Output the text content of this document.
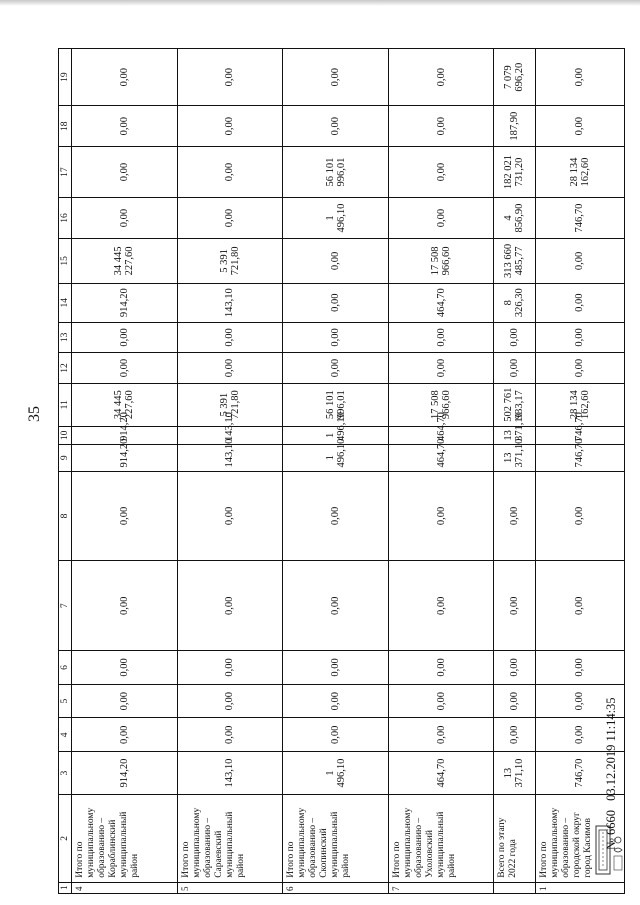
35
1	2	3	4	5	6	7	8	9	10	11	12	13	14	15	16	17	18	19
4	Итого по муниципальному образованию – Кораблинский муниципальный район	914,20	0,00	0,00	0,00	0,00	0,00	914,20	914,20	34 445 227,60	0,00	0,00	914,20	34 445 227,60	0,00	0,00	0,00	0,00
5	Итого по муниципальному образованию – Сараевский муниципальный район	143,10	0,00	0,00	0,00	0,00	0,00	143,10	143,10	5 391 721,80	0,00	0,00	143,10	5 391 721,80	0,00	0,00	0,00	0,00
6	Итого по муниципальному образованию – Скопинский муниципальный район	1 496,10	0,00	0,00	0,00	0,00	0,00	1 496,10	1 496,10	56 101 996,01	0,00	0,00	0,00	0,00	1 496,10	56 101 996,01	0,00	0,00
7	Итого по муниципальному образованию – Ухоловский муниципальный район	464,70	0,00	0,00	0,00	0,00	0,00	464,70	464,70	17 508 966,60	0,00	0,00	464,70	17 508 966,60	0,00	0,00	0,00	0,00
	Всего по этапу 2022 года	13 371,10	0,00	0,00	0,00	0,00	0,00	13 371,10	13 371,10	502 761 933,17	0,00	0,00	8 326,30	313 660 485,77	4 856,90	182 021 731,20	187,90	7 079 696,20
1	Итого по муниципальному образованию – городской округ город Касимов	746,70	0,00	0,00	0,00	0,00	0,00	746,70	746,70	28 134 162,60	0,00	0,00	0,00	0,00	746,70	28 134 162,60	0,00	0,00
№ 6660 03.12.2019 11:14:35
